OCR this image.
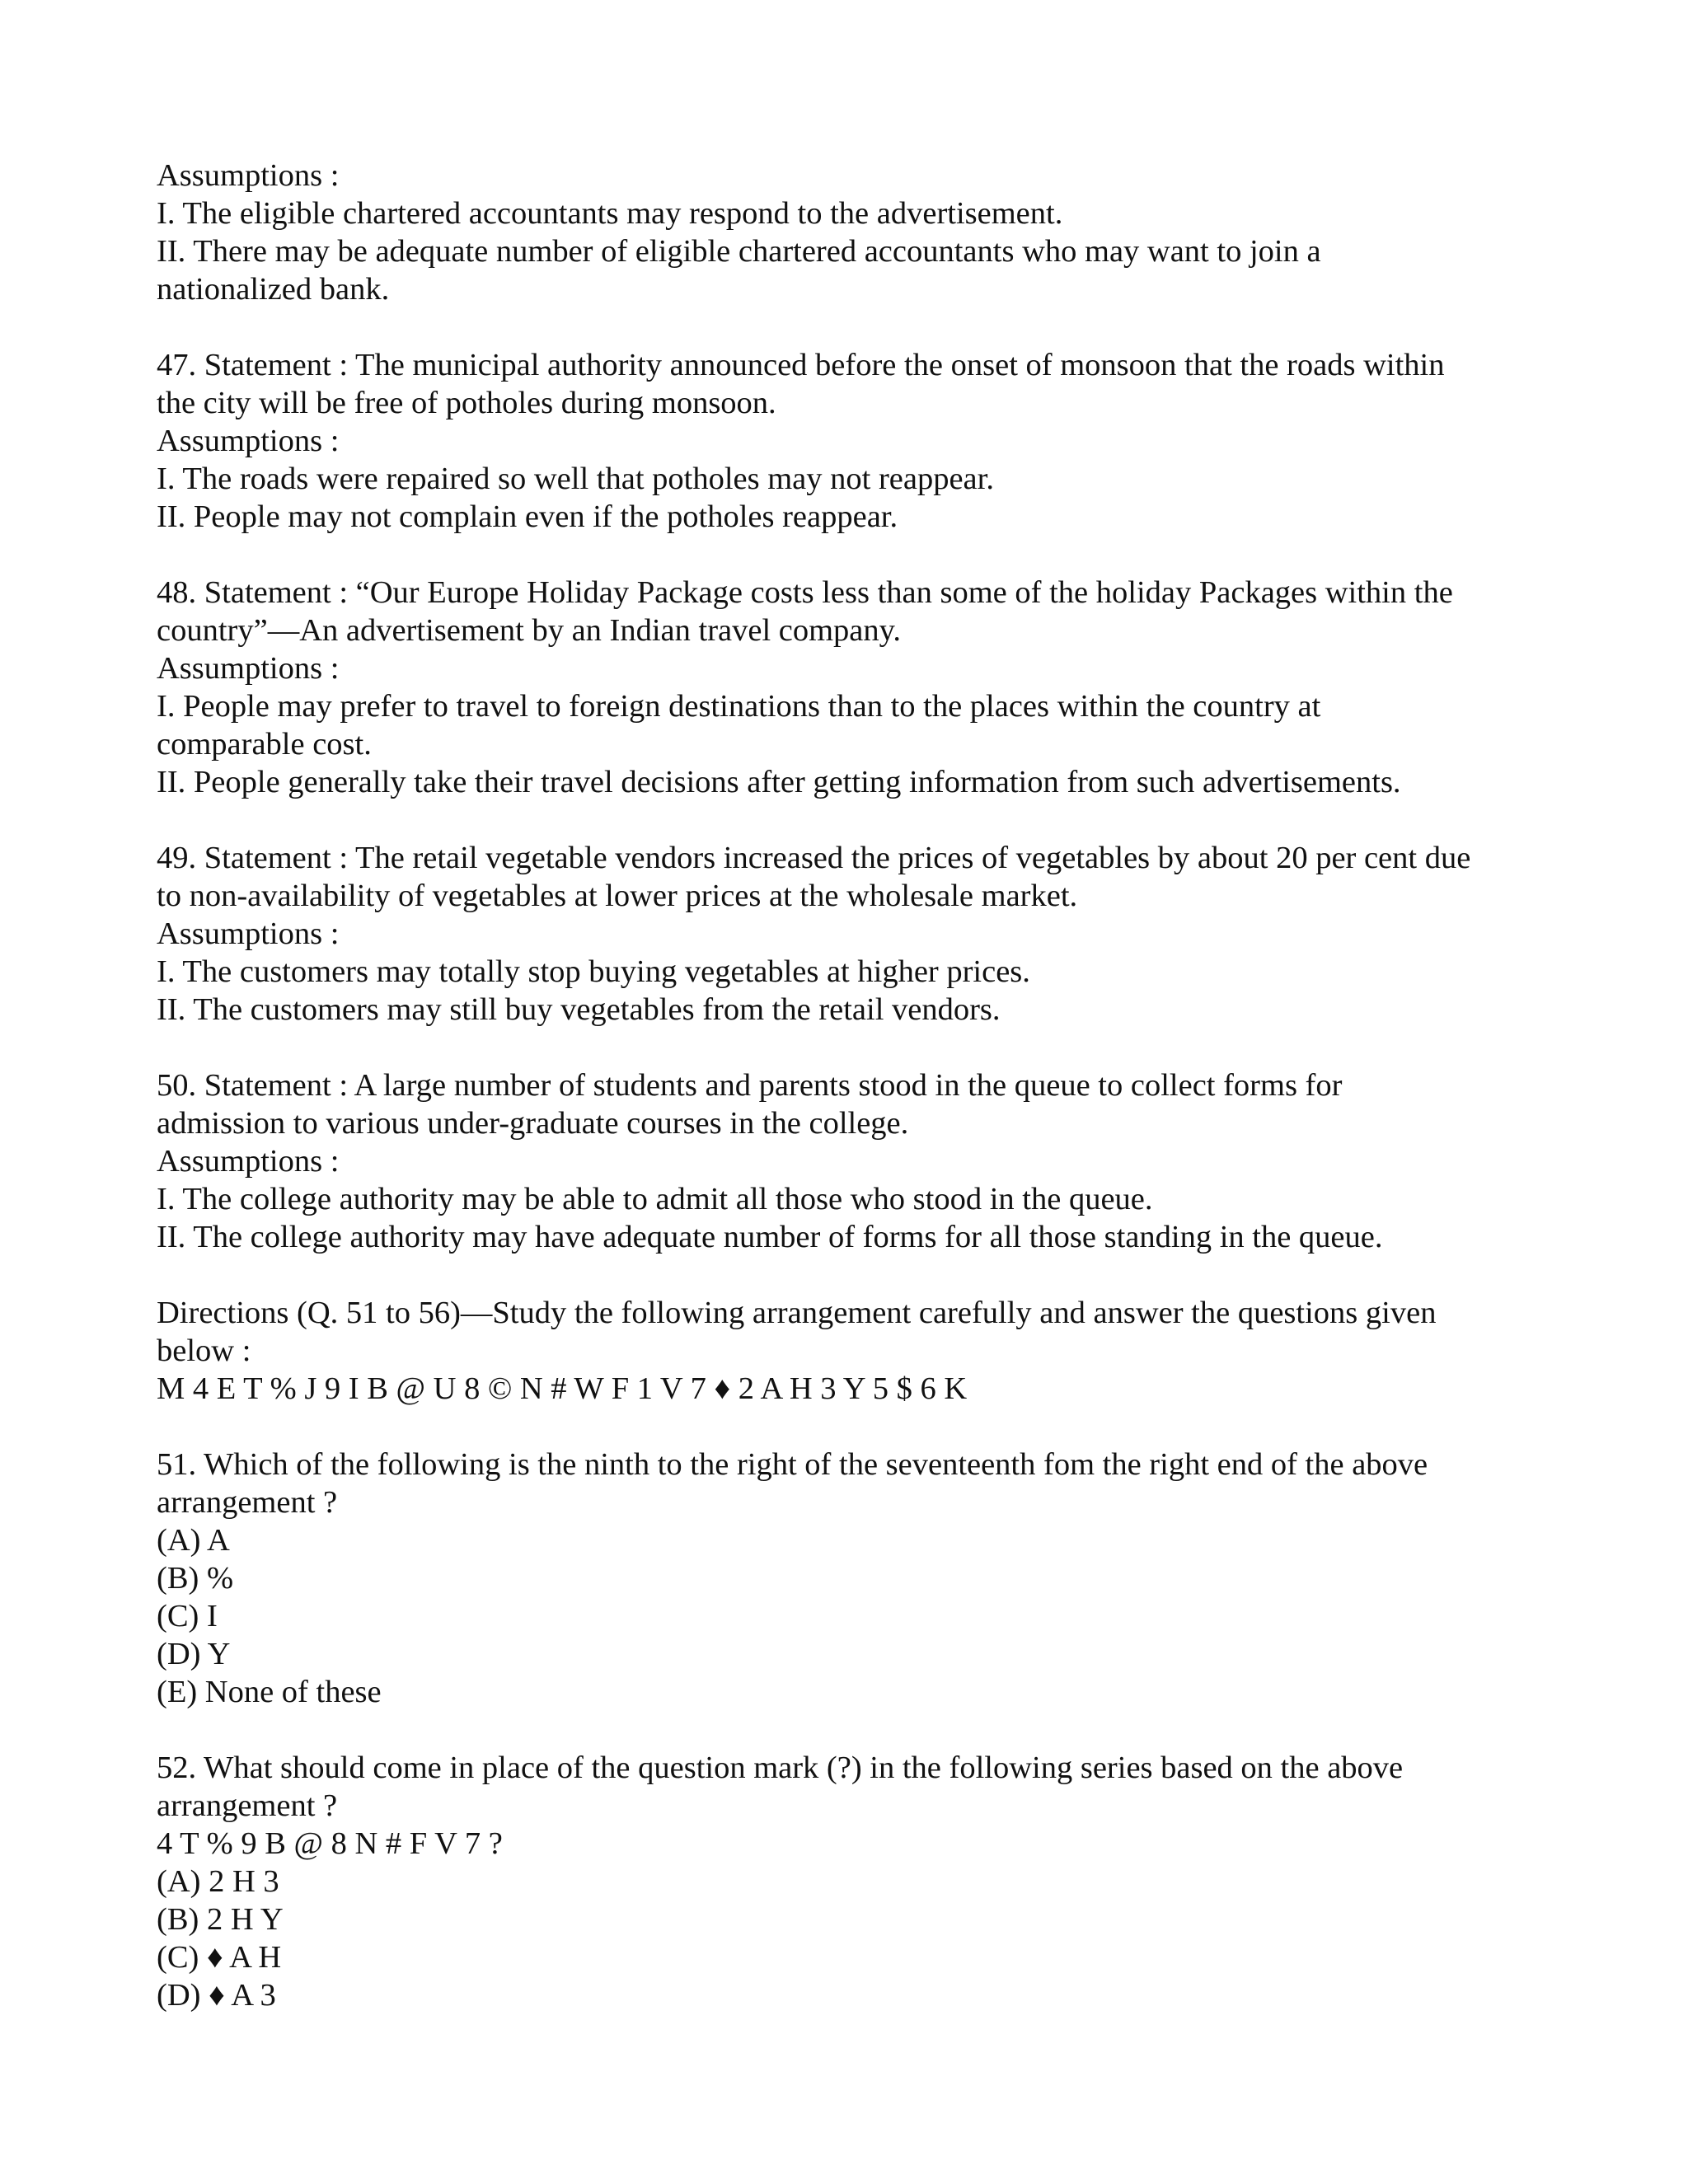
Assumptions :
I. The eligible chartered accountants may respond to the advertisement.
II. There may be adequate number of eligible chartered accountants who may want to join a
nationalized bank.
47. Statement : The municipal authority announced before the onset of monsoon that the roads within
the city will be free of potholes during monsoon.
Assumptions :
I. The roads were repaired so well that potholes may not reappear.
II. People may not complain even if the potholes reappear.
48. Statement : “Our Europe Holiday Package costs less than some of the holiday Packages within the
country”—An advertisement by an Indian travel company.
Assumptions :
I. People may prefer to travel to foreign destinations than to the places within the country at
comparable cost.
II. People generally take their travel decisions after getting information from such advertisements.
49. Statement : The retail vegetable vendors increased the prices of vegetables by about 20 per cent due
to non-availability of vegetables at lower prices at the wholesale market.
Assumptions :
I. The customers may totally stop buying vegetables at higher prices.
II. The customers may still buy vegetables from the retail vendors.
50. Statement : A large number of students and parents stood in the queue to collect forms for
admission to various under-graduate courses in the college.
Assumptions :
I. The college authority may be able to admit all those who stood in the queue.
II. The college authority may have adequate number of forms for all those standing in the queue.
Directions (Q. 51 to 56)—Study the following arrangement carefully and answer the questions given
below :
M 4 E T % J 9 I B @ U 8 © N # W F 1 V 7 ♦ 2 A H 3 Y 5 $ 6 K
51. Which of the following is the ninth to the right of the seventeenth fom the right end of the above
arrangement ?
(A) A
(B) %
(C) I
(D) Y
(E) None of these
52. What should come in place of the question mark (?) in the following series based on the above
arrangement ?
4 T % 9 B @ 8 N # F V 7 ?
(A) 2 H 3
(B) 2 H Y
(C) ♦ A H
(D) ♦ A 3
